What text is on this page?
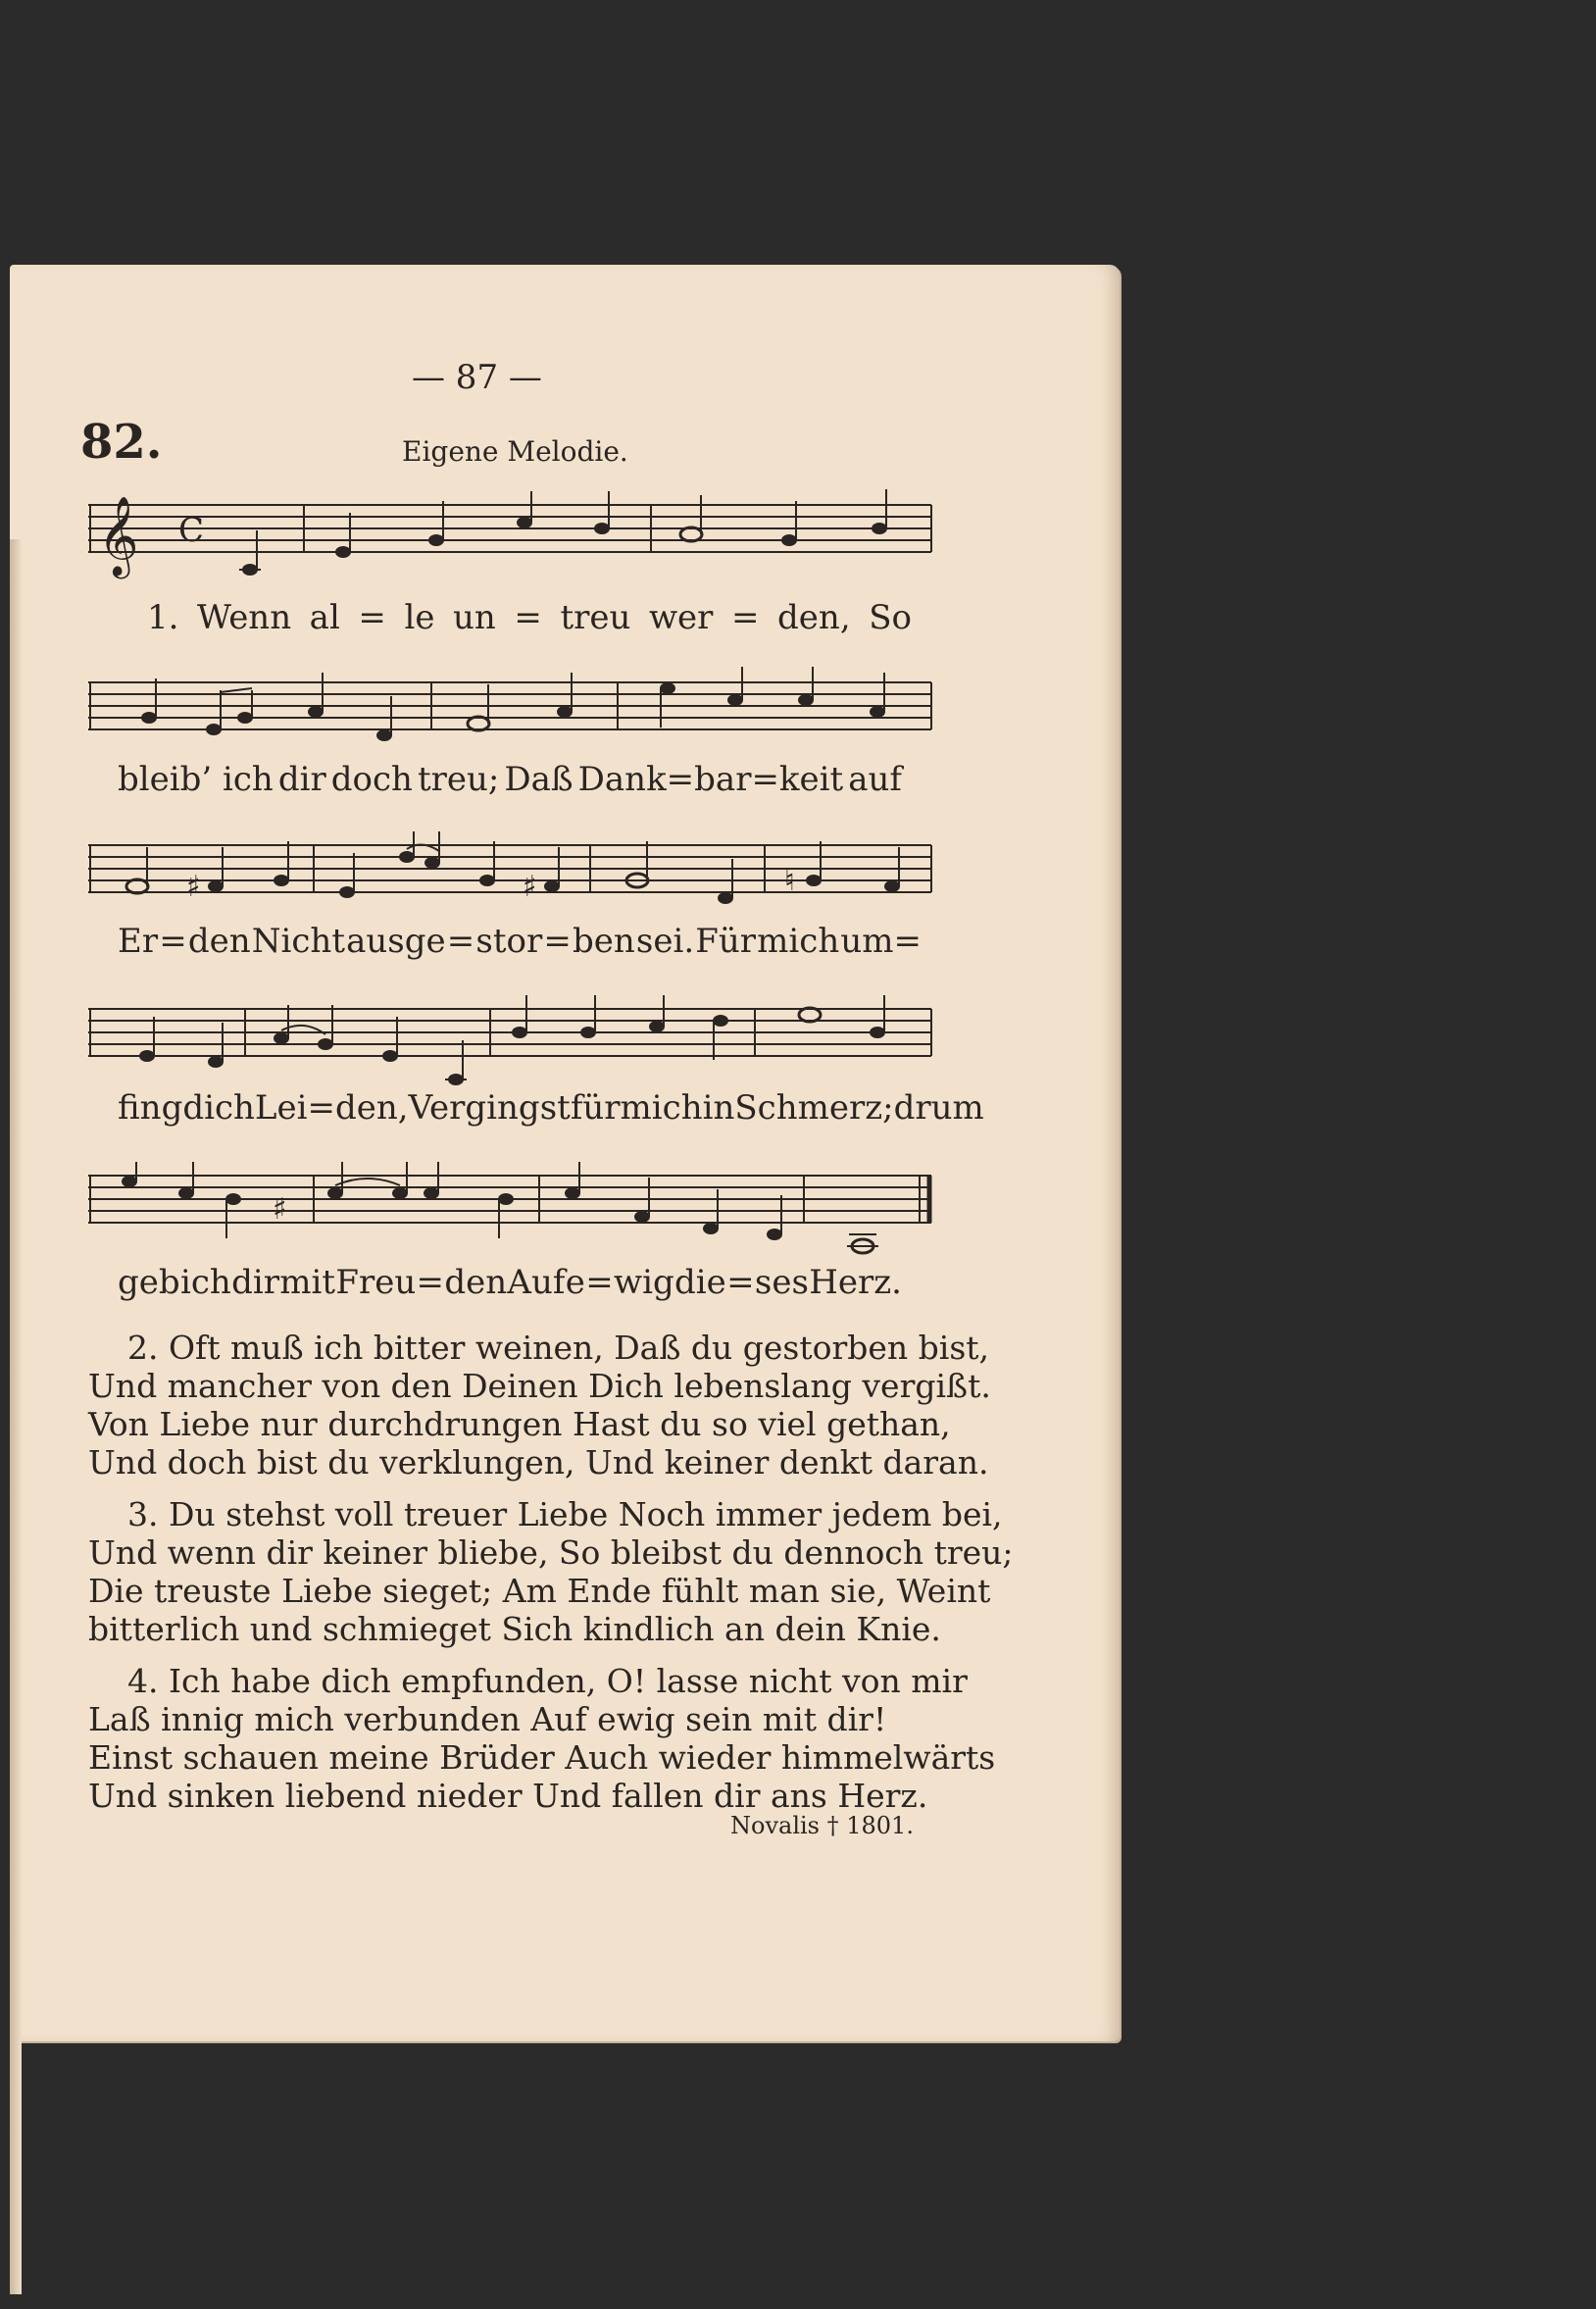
— 87 —
82.	Eigene Melodie.
𝄞 C
1. Wenn al = le un = treu wer = den, So
bleib’ ich dir doch treu; Daß Dank=bar=keit auf
♯	♯	♮
Er = den Nicht ausge = stor = ben sei. Für mich um=
fing dich Lei =den, Vergingst für mich in Schmerz; drum
♯
geb ich dir mit Freu = den Auf e = wig die = ses Herz.
2. Oft muß ich bitter weinen, Daß du gestorben bist,
Und mancher von den Deinen Dich lebenslang vergißt.
Von Liebe nur durchdrungen Hast du so viel gethan,
Und doch bist du verklungen, Und keiner denkt daran.
3. Du stehst voll treuer Liebe Noch immer jedem bei,
Und wenn dir keiner bliebe, So bleibst du dennoch treu;
Die treuste Liebe sieget; Am Ende fühlt man sie, Weint
bitterlich und schmieget Sich kindlich an dein Knie.
4. Ich habe dich empfunden, O! lasse nicht von mir
Laß innig mich verbunden Auf ewig sein mit dir!
Einst schauen meine Brüder Auch wieder himmelwärts
Und sinken liebend nieder Und fallen dir ans Herz.
Novalis † 1801.
